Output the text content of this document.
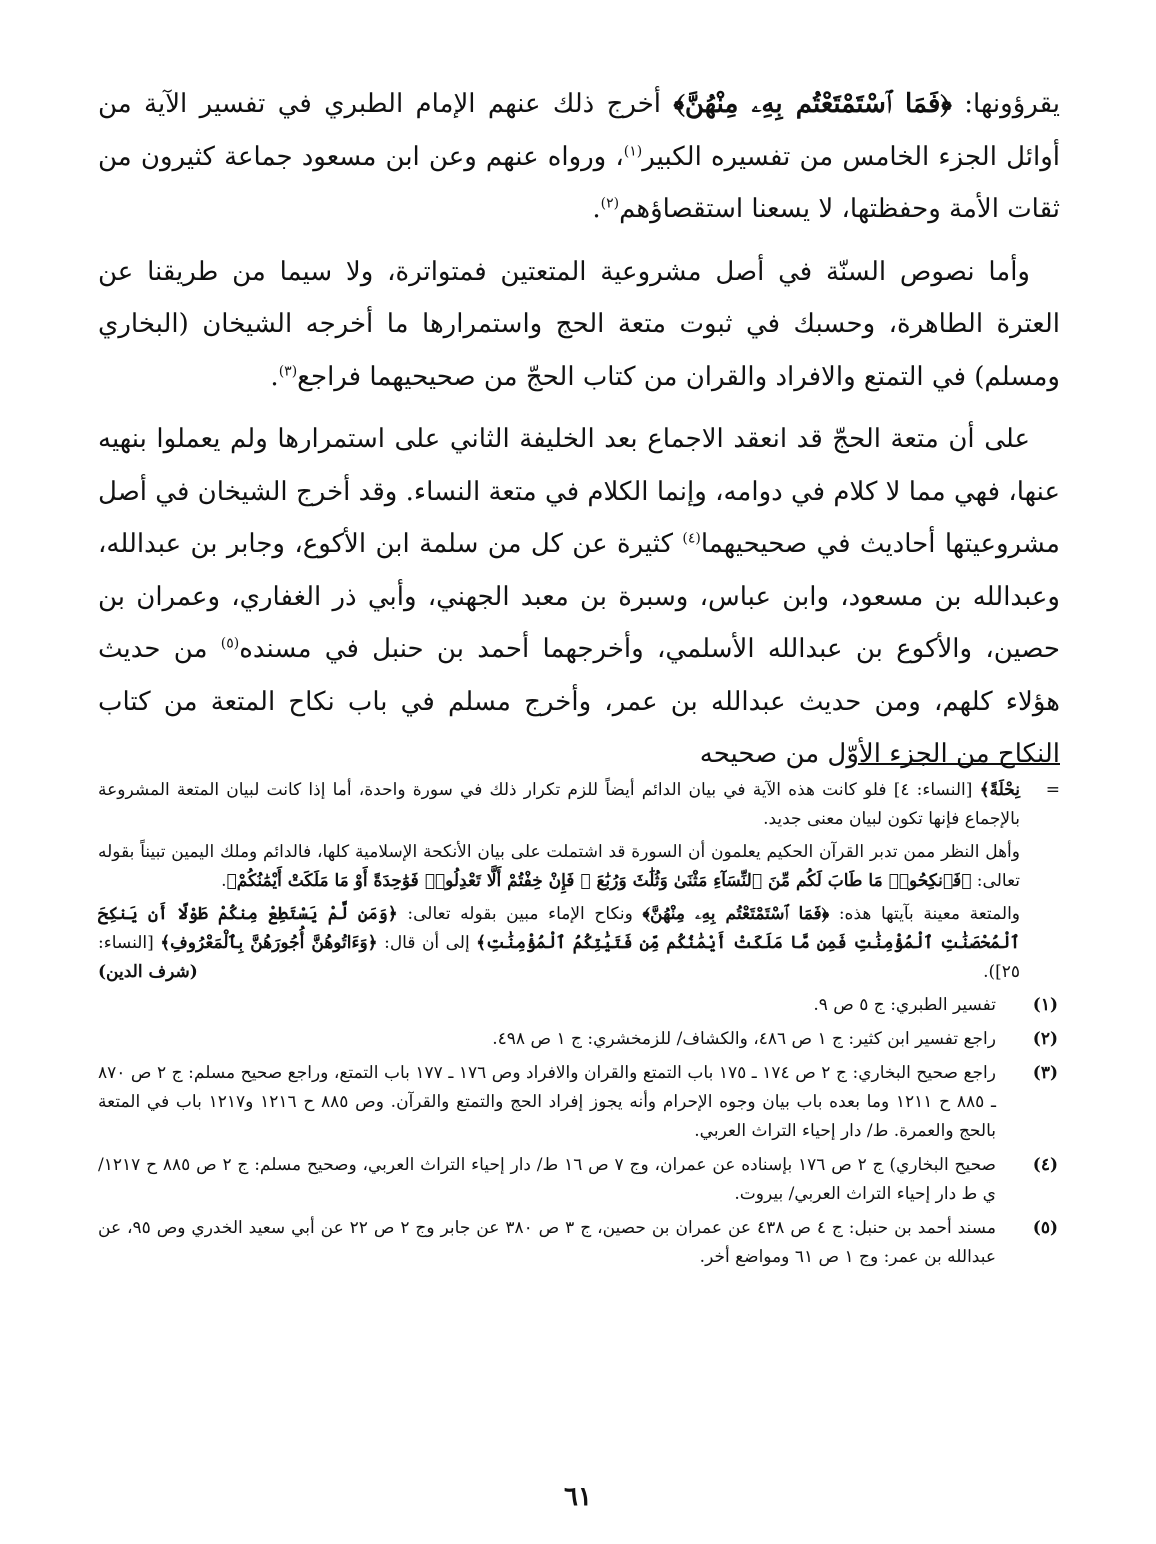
يقرؤونها: ﴿فَمَا ٱسْتَمْتَعْتُم بِهِۦ مِنْهُنَّ﴾ أخرج ذلك عنهم الإمام الطبري في تفسير الآية من أوائل الجزء الخامس من تفسيره الكبير$^{(١)}$، ورواه عنهم وعن ابن مسعود جماعة كثيرون من ثقات الأمة وحفظتها، لا يسعنا استقصاؤهم$^{(٢)}$.

وأما نصوص السنّة في أصل مشروعية المتعتين فمتواترة، ولا سيما من طريقنا عن العترة الطاهرة، وحسبك في ثبوت متعة الحج واستمرارها ما أخرجه الشيخان (البخاري ومسلم) في التمتع والافراد والقران من كتاب الحجّ من صحيحيهما فراجع$^{(٣)}$.

على أن متعة الحجّ قد انعقد الاجماع بعد الخليفة الثاني على استمرارها ولم يعملوا بنهيه عنها، فهي مما لا كلام في دوامه، وإنما الكلام في متعة النساء. وقد أخرج الشيخان في أصل مشروعيتها أحاديث في صحيحيهما$^{(٤)}$ كثيرة عن كل من سلمة ابن الأكوع، وجابر بن عبدالله، وعبدالله بن مسعود، وابن عباس، وسبرة بن معبد الجهني، وأبي ذر الغفاري، وعمران بن حصين، والأكوع بن عبدالله الأسلمي، وأخرجهما أحمد بن حنبل في مسنده$^{(٥)}$ من حديث هؤلاء كلهم، ومن حديث عبدالله بن عمر، وأخرج مسلم في باب نكاح المتعة من كتاب النكاح من الجزء الأوّل من صحيحه

=

نِحْلَةً﴾ [النساء: ٤] فلو كانت هذه الآية في بيان الدائم أيضاً للزم تكرار ذلك في سورة واحدة، أما إذا كانت لبيان المتعة المشروعة بالإجماع فإنها تكون لبيان معنى جديد.

وأهل النظر ممن تدبر القرآن الحكيم يعلمون أن السورة قد اشتملت على بيان الأنكحة الإسلامية كلها، فالدائم وملك اليمين تبيناً بقوله تعالى: ﴿فَٱنكِحُوا۟ مَا طَابَ لَكُم مِّنَ ٱلنِّسَآءِ مَثْنَىٰ وَثُلَٰثَ وَرُبَٰعَ ۖ فَإِنْ خِفْتُمْ أَلَّا تَعْدِلُوا۟ فَوَٰحِدَةً أَوْ مَا مَلَكَتْ أَيْمَٰنُكُمْ﴾.

والمتعة معينة بآيتها هذه: ﴿فَمَا ٱسْتَمْتَعْتُم بِهِۦ مِنْهُنَّ﴾ ونكاح الإماء مبين بقوله تعالى: ﴿وَمَن لَّمْ يَسْتَطِعْ مِنكُمْ طَوْلًا أَن يَنكِحَ ٱلْمُحْصَنَٰتِ ٱلْمُؤْمِنَٰتِ فَمِن مَّا مَلَكَتْ أَيْمَٰنُكُم مِّن فَتَيَٰتِكُمُ ٱلْمُؤْمِنَٰتِ﴾ إلى أن قال: ﴿وَءَاتُوهُنَّ أُجُورَهُنَّ بِٱلْمَعْرُوفِ﴾ [النساء: ٢٥]).
(شرف الدين)

(١)
تفسير الطبري: ج ٥ ص ٩.
(٢)
راجع تفسير ابن كثير: ج ١ ص ٤٨٦، والكشاف/ للزمخشري: ج ١ ص ٤٩٨.
(٣)
راجع صحيح البخاري: ج ٢ ص ١٧٤ ـ ١٧٥ باب التمتع والقران والافراد وص ١٧٦ ـ ١٧٧ باب التمتع، وراجع صحيح مسلم: ج ٢ ص ٨٧٠ ـ ٨٨٥ ح ١٢١١ وما بعده باب بيان وجوه الإحرام وأنه يجوز إفراد الحج والتمتع والقرآن. وص ٨٨٥ ح ١٢١٦ و١٢١٧ باب في المتعة بالحج والعمرة. ط/ دار إحياء التراث العربي.
(٤)
صحيح البخاري) ج ٢ ص ١٧٦ بإسناده عن عمران، وج ٧ ص ١٦ ط/ دار إحياء التراث العربي، وصحيح مسلم: ج ٢ ص ٨٨٥ ح ١٢١٧/ي ط دار إحياء التراث العربي/ بيروت.
(٥)
مسند أحمد بن حنبل: ج ٤ ص ٤٣٨ عن عمران بن حصين، ج ٣ ص ٣٨٠ عن جابر وج ٢ ص ٢٢ عن أبي سعيد الخدري وص ٩٥، عن عبدالله بن عمر: وج ١ ص ٦١ ومواضع أخر.
٦١
